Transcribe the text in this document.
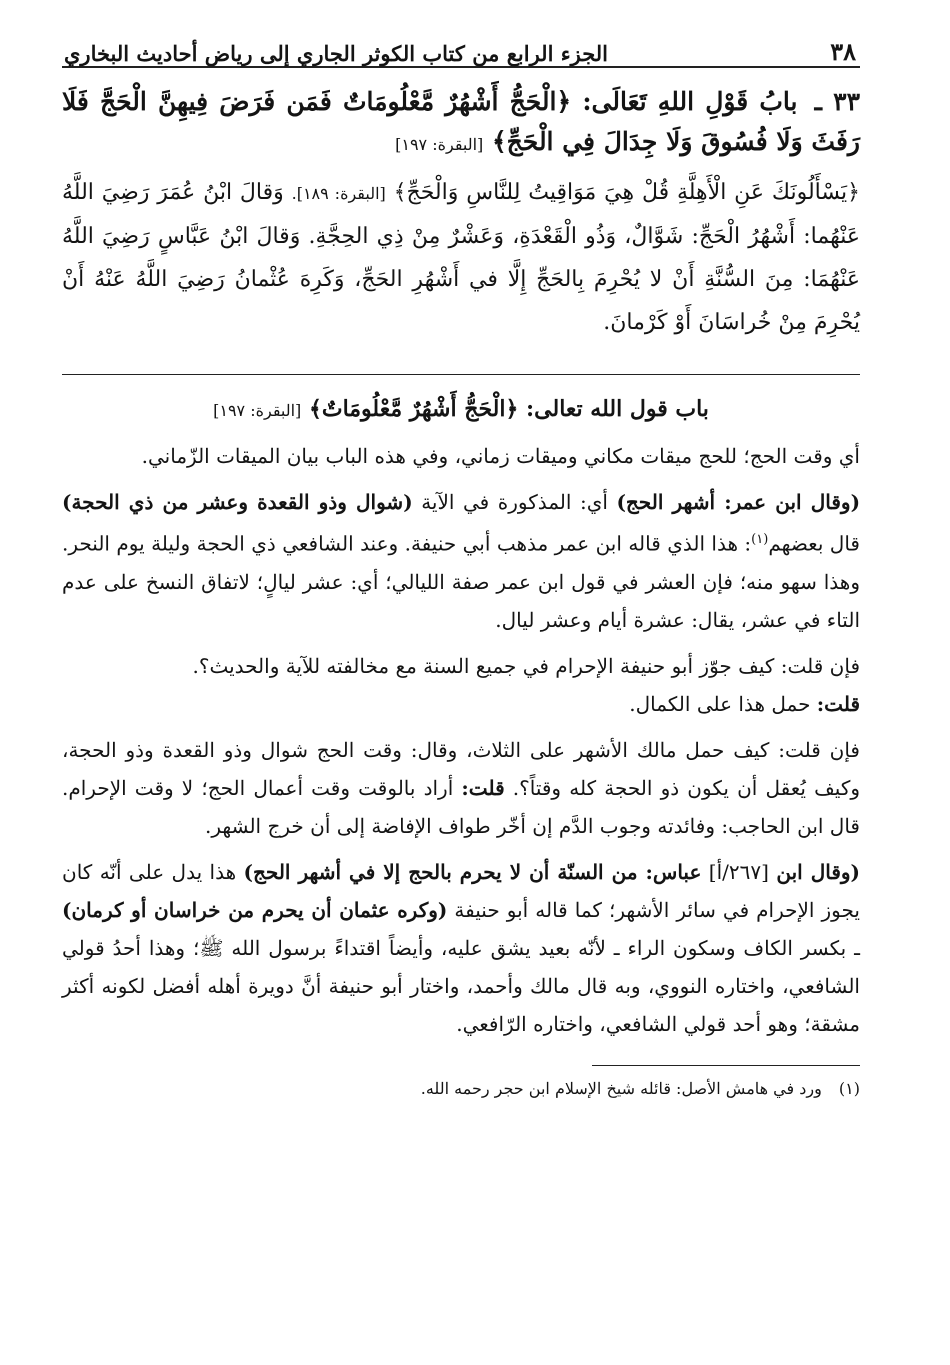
٣٨
الجزء الرابع من كتاب الكوثر الجاري إلى رياض أحاديث البخاري
٣٣ ـ بابُ قَوْلِ اللهِ تَعَالَى: ﴿الْحَجُّ أَشْهُرٌ مَّعْلُومَاتٌ فَمَن فَرَضَ فِيهِنَّ الْحَجَّ فَلَا رَفَثَ وَلَا فُسُوقَ وَلَا جِدَالَ فِي الْحَجِّ﴾ [البقرة: ١٩٧]
﴿يَسْأَلُونَكَ عَنِ الْأَهِلَّةِ قُلْ هِيَ مَوَاقِيتُ لِلنَّاسِ وَالْحَجِّ﴾ [البقرة: ١٨٩]. وَقالَ ابْنُ عُمَرَ رَضِيَ اللَّهُ عَنْهُما: أَشْهُرُ الْحَجِّ: شَوَّالٌ، وَذُو الْقَعْدَةِ، وَعَشْرٌ مِنْ ذِي الحِجَّةِ. وَقالَ ابْنُ عَبَّاسٍ رَضِيَ اللَّهُ عَنْهُمَا: مِنَ السُّنَّةِ أَنْ لا يُحْرِمَ بِالحَجِّ إِلَّا في أَشْهُرِ الحَجِّ، وَكَرِهَ عُثْمانُ رَضِيَ اللَّهُ عَنْهُ أَنْ يُحْرِمَ مِنْ خُراسَانَ أَوْ كَرْمانَ.
باب قول الله تعالى: ﴿الْحَجُّ أَشْهُرٌ مَّعْلُومَاتٌ﴾ [البقرة: ١٩٧]

أي وقت الحج؛ للحج ميقات مكاني وميقات زماني، وفي هذه الباب بيان الميقات الزّماني.

(وقال ابن عمر: أشهر الحج) أي: المذكورة في الآية (شوال وذو القعدة وعشر من ذي الحجة) قال بعضهم$^{(١)}$: هذا الذي قاله ابن عمر مذهب أبي حنيفة. وعند الشافعي ذي الحجة وليلة يوم النحر. وهذا سهو منه؛ فإن العشر في قول ابن عمر صفة الليالي؛ أي: عشر ليالٍ؛ لاتفاق النسخ على عدم التاء في عشر، يقال: عشرة أيام وعشر ليال.

فإن قلت: كيف جوّز أبو حنيفة الإحرام في جميع السنة مع مخالفته للآية والحديث؟.
قلت: حمل هذا على الكمال.

فإن قلت: كيف حمل مالك الأشهر على الثلاث، وقال: وقت الحج شوال وذو القعدة وذو الحجة، وكيف يُعقل أن يكون ذو الحجة كله وقتاً؟. قلت: أراد بالوقت وقت أعمال الحج؛ لا وقت الإحرام. قال ابن الحاجب: وفائدته وجوب الدَّم إن أخّر طواف الإفاضة إلى أن خرج الشهر.

(وقال ابن [٢٦٧/أ] عباس: من السنّة أن لا يحرم بالحج إلا في أشهر الحج) هذا يدل على أنّه كان يجوز الإحرام في سائر الأشهر؛ كما قاله أبو حنيفة (وكره عثمان أن يحرم من خراسان أو كرمان) ـ بكسر الكاف وسكون الراء ـ لأنّه بعيد يشق عليه، وأيضاً اقتداءً برسول الله ﷺ؛ وهذا أحدُ قولي الشافعي، واختاره النووي، وبه قال مالك وأحمد، واختار أبو حنيفة أنَّ دويرة أهله أفضل لكونه أكثر مشقة؛ وهو أحد قولي الشافعي، واختاره الرّافعي.

(١) ورد في هامش الأصل: قائله شيخ الإسلام ابن حجر رحمه الله.
